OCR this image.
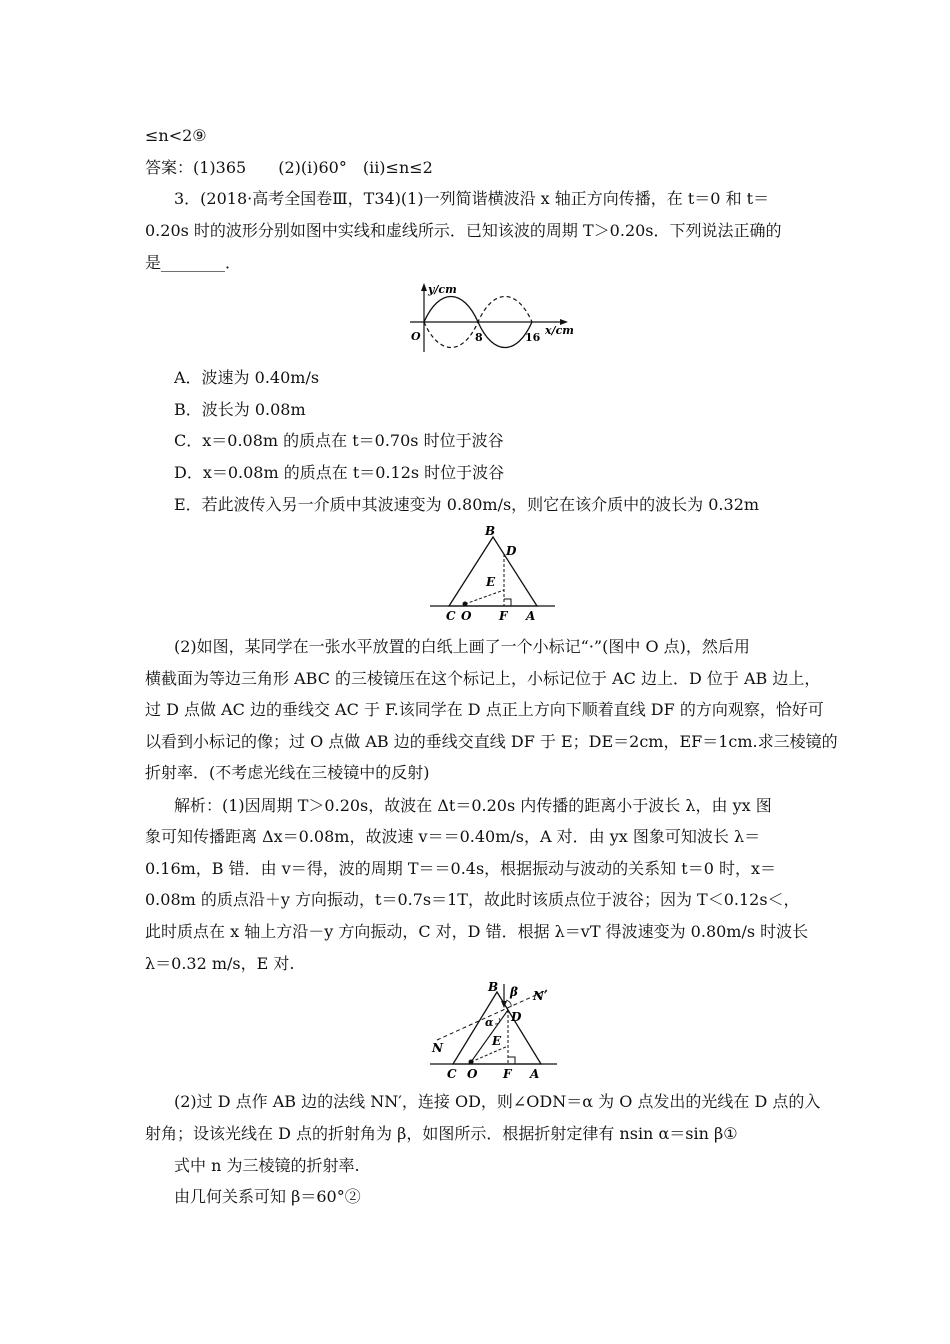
≤n<2⑨
答案：(1)365　　(2)(ⅰ)60°　(ⅱ)≤n≤2
3．(2018·高考全国卷Ⅲ，T34)(1)一列简谐横波沿 x 轴正方向传播，在 t＝0 和 t＝
0.20s 时的波形分别如图中实线和虚线所示．已知该波的周期 T＞0.20s．下列说法正确的
是________．
y/cm
x/cm
O	8	16
A．波速为 0.40m/s
B．波长为 0.08m
C．x＝0.08m 的质点在 t＝0.70s 时位于波谷
D．x＝0.08m 的质点在 t＝0.12s 时位于波谷
E．若此波传入另一介质中其波速变为 0.80m/s，则它在该介质中的波长为 0.32m
B
D
E
C O F A
(2)如图，某同学在一张水平放置的白纸上画了一个小标记“·”(图中 O 点)，然后用
横截面为等边三角形 ABC 的三棱镜压在这个标记上，小标记位于 AC 边上．D 位于 AB 边上，
过 D 点做 AC 边的垂线交 AC 于 F.该同学在 D 点正上方向下顺着直线 DF 的方向观察，恰好可
以看到小标记的像；过 O 点做 AB 边的垂线交直线 DF 于 E；DE＝2cm，EF＝1cm.求三棱镜的
折射率．(不考虑光线在三棱镜中的反射)
解析：(1)因周期 T＞0.20s，故波在 Δt＝0.20s 内传播的距离小于波长 λ，由 yx 图
象可知传播距离 Δx＝0.08m，故波速 v＝＝0.40m/s，A 对．由 yx 图象可知波长 λ＝
0.16m，B 错．由 v＝得，波的周期 T＝＝0.4s，根据振动与波动的关系知 t＝0 时，x＝
0.08m 的质点沿＋y 方向振动，t＝0.7s＝1T，故此时该质点位于波谷；因为 T＜0.12s＜，
此时质点在 x 轴上方沿－y 方向振动，C 对，D 错．根据 λ＝vT 得波速变为 0.80m/s 时波长
λ＝0.32 m/s，E 对.
B β N′
α D
E
N
C O F A
(2)过 D 点作 AB 边的法线 NN′，连接 OD，则∠ODN＝α 为 O 点发出的光线在 D 点的入
射角；设该光线在 D 点的折射角为 β，如图所示．根据折射定律有 nsin α＝sin β①
式中 n 为三棱镜的折射率.
由几何关系可知 β＝60°②
